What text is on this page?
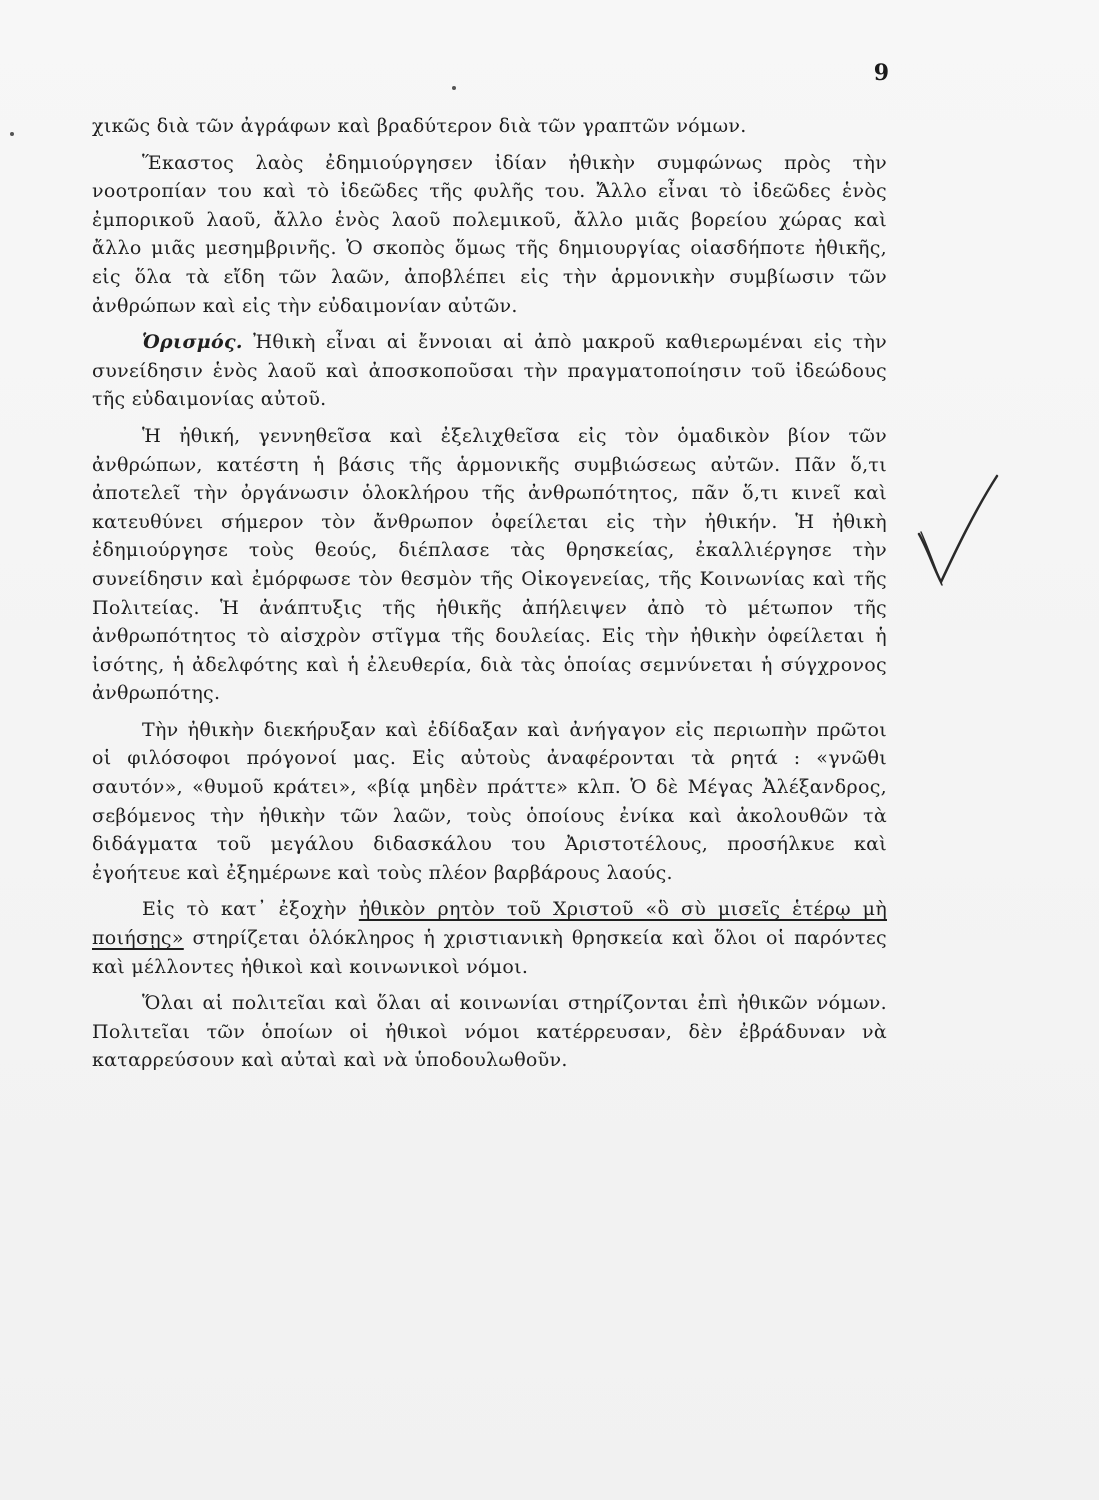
9

χικῶς διὰ τῶν ἀγράφων καὶ βραδύτερον διὰ τῶν γραπτῶν νόμων.

Ἕκαστος λαὸς ἐδημιούργησεν ἰδίαν ἠθικὴν συμφώνως πρὸς τὴν νοοτροπίαν του καὶ τὸ ἰδεῶδες τῆς φυλῆς του. Ἄλλο εἶναι τὸ ἰδεῶδες ἑνὸς ἐμπορικοῦ λαοῦ, ἄλλο ἑνὸς λαοῦ πολεμικοῦ, ἄλλο μιᾶς βορείου χώρας καὶ ἄλλο μιᾶς μεσημβρινῆς. Ὁ σκοπὸς ὅμως τῆς δημιουργίας οἱασδήποτε ἠθικῆς, εἰς ὅλα τὰ εἴδη τῶν λαῶν, ἀποβλέπει εἰς τὴν ἁρμονικὴν συμβίωσιν τῶν ἀνθρώπων καὶ εἰς τὴν εὐδαιμονίαν αὐτῶν.

Ὁρισμός. Ἠθικὴ εἶναι αἱ ἔννοιαι αἱ ἀπὸ μακροῦ καθιερωμέναι εἰς τὴν συνείδησιν ἑνὸς λαοῦ καὶ ἀποσκοποῦσαι τὴν πραγματοποίησιν τοῦ ἰδεώδους τῆς εὐδαιμονίας αὐτοῦ.

Ἡ ἠθική, γεννηθεῖσα καὶ ἐξελιχθεῖσα εἰς τὸν ὁμαδικὸν βίον τῶν ἀνθρώπων, κατέστη ἡ βάσις τῆς ἁρμονικῆς συμβιώσεως αὐτῶν. Πᾶν ὅ,τι ἀποτελεῖ τὴν ὀργάνωσιν ὁλοκλήρου τῆς ἀνθρωπότητος, πᾶν ὅ,τι κινεῖ καὶ κατευθύνει σήμερον τὸν ἄνθρωπον ὀφείλεται εἰς τὴν ἠθικήν. Ἡ ἠθικὴ ἐδημιούργησε τοὺς θεούς, διέπλασε τὰς θρησκείας, ἐκαλλιέργησε τὴν συνείδησιν καὶ ἐμόρφωσε τὸν θεσμὸν τῆς Οἰκογενείας, τῆς Κοινωνίας καὶ τῆς Πολιτείας. Ἡ ἀνάπτυξις τῆς ἠθικῆς ἀπήλειψεν ἀπὸ τὸ μέτωπον τῆς ἀνθρωπότητος τὸ αἰσχρὸν στῖγμα τῆς δουλείας. Εἰς τὴν ἠθικὴν ὀφείλεται ἡ ἰσότης, ἡ ἀδελφότης καὶ ἡ ἐλευθερία, διὰ τὰς ὁποίας σεμνύνεται ἡ σύγχρονος ἀνθρωπότης.

Τὴν ἠθικὴν διεκήρυξαν καὶ ἐδίδαξαν καὶ ἀνήγαγον εἰς περιωπὴν πρῶτοι οἱ φιλόσοφοι πρόγονοί μας. Εἰς αὐτοὺς ἀναφέρονται τὰ ρητά : «γνῶθι σαυτόν», «θυμοῦ κράτει», «βίᾳ μηδὲν πράττε» κλπ. Ὁ δὲ Μέγας Ἀλέξανδρος, σεβόμενος τὴν ἠθικὴν τῶν λαῶν, τοὺς ὁποίους ἐνίκα καὶ ἀκολουθῶν τὰ διδάγματα τοῦ μεγάλου διδασκάλου του Ἀριστοτέλους, προσήλκυε καὶ ἐγοήτευε καὶ ἐξημέρωνε καὶ τοὺς πλέον βαρβάρους λαούς.

Εἰς τὸ κατ᾽ ἐξοχὴν ἠθικὸν ρητὸν τοῦ Χριστοῦ «ὃ σὺ μισεῖς ἑτέρῳ μὴ ποιήσῃς» στηρίζεται ὁλόκληρος ἡ χριστιανικὴ θρησκεία καὶ ὅλοι οἱ παρόντες καὶ μέλλοντες ἠθικοὶ καὶ κοινωνικοὶ νόμοι.

Ὅλαι αἱ πολιτεῖαι καὶ ὅλαι αἱ κοινωνίαι στηρίζονται ἐπὶ ἠθικῶν νόμων. Πολιτεῖαι τῶν ὁποίων οἱ ἠθικοὶ νόμοι κατέρρευσαν, δὲν ἐβράδυναν νὰ καταρρεύσουν καὶ αὐταὶ καὶ νὰ ὑποδουλωθοῦν.
